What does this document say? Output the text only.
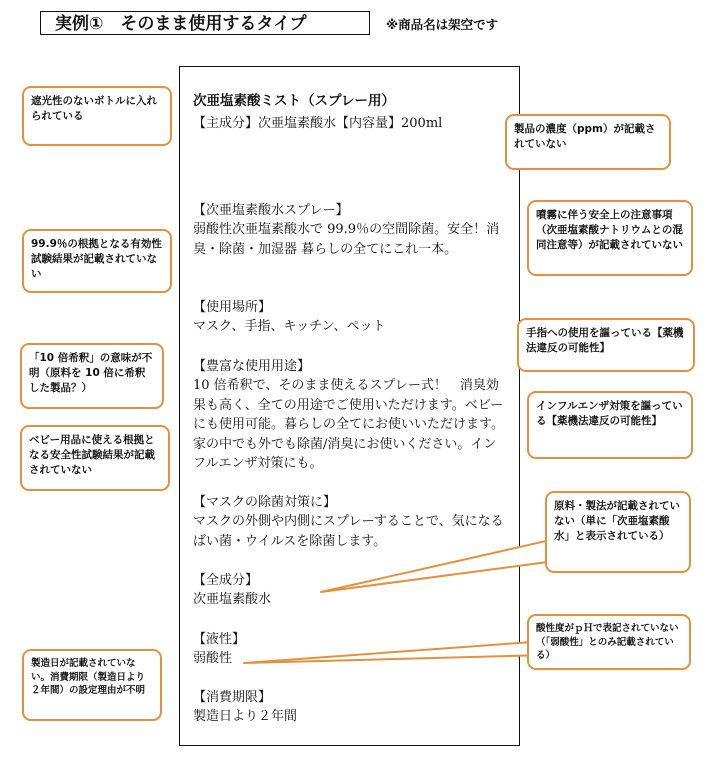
実例①　そのまま使用するタイプ	※商品名は架空です
次亜塩素酸ミスト（スプレー用）
【主成分】次亜塩素酸水【内容量】200ml
【次亜塩素酸水スプレー】
弱酸性次亜塩素酸水で 99.9％の空間除菌。安全！消臭・除菌・加湿器 暮らしの全てにこれ一本。
【使用場所】
マスク、手指、キッチン、ペット
【豊富な使用用途】
10 倍希釈で、そのまま使えるスプレー式！　消臭効果も高く、全ての用途でご使用いただけます。ベビーにも使用可能。暮らしの全てにお使いいただけます。家の中でも外でも除菌/消臭にお使いください。インフルエンザ対策にも。
【マスクの除菌対策に】
マスクの外側や内側にスプレーすることで、気になるばい菌・ウイルスを除菌します。
【全成分】
次亜塩素酸水
【液性】
弱酸性
【消費期限】
製造日より２年間
遮光性のないボトルに入れられている
99.9％の根拠となる有効性試験結果が記載されていない
「10 倍希釈」の意味が不明（原料を 10 倍に希釈した製品？）
ベビー用品に使える根拠となる安全性試験結果が記載されていない
製造日が記載されていない。消費期限（製造日より２年間）の設定理由が不明
製品の濃度（ppm）が記載されていない
噴霧に伴う安全上の注意事項（次亜塩素酸ナトリウムとの混同注意等）が記載されていない
手指への使用を謳っている【薬機法違反の可能性】
インフルエンザ対策を謳っている【薬機法違反の可能性】
原料・製法が記載されていない（単に「次亜塩素酸水」と表示されている）
酸性度がｐＨで表記されていない（「弱酸性」とのみ記載されている）
